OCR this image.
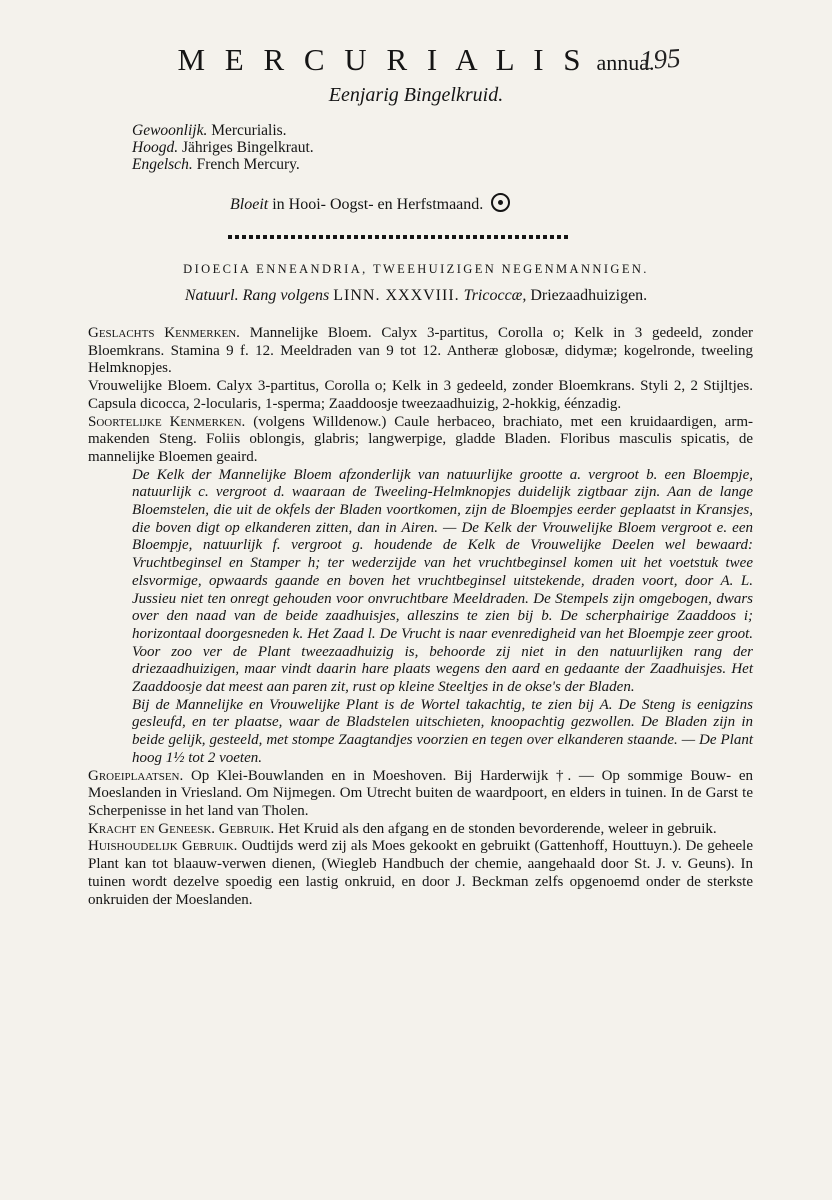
M E R C U R I A L I S annua.
195
Eenjarig Bingelkruid.
Gewoonlijk. Mercurialis.
Hoogd. Jähriges Bingelkraut.
Engelsch. French Mercury.
Bloeit in Hooi- Oogst- en Herfstmaand.
DIOECIA ENNEANDRIA, TWEEHUIZIGEN NEGENMANNIGEN.
Natuurl. Rang volgens LINN. XXXVIII. Tricoccæ, Driezaadhuizigen.

Geslachts Kenmerken. Mannelijke Bloem. Calyx 3-partitus, Corolla o; Kelk in 3 gedeeld, zonder Bloemkrans. Stamina 9 f. 12. Meeldraden van 9 tot 12. Antheræ globosæ, didymæ; kogelronde, tweeling Helmknopjes.

Vrouwelijke Bloem. Calyx 3-partitus, Corolla o; Kelk in 3 gedeeld, zonder Bloemkrans. Styli 2, 2 Stijltjes. Capsula dicocca, 2-locularis, 1-sperma; Zaaddoosje tweezaadhuizig, 2-hokkig, éénzadig.

Soortelijke Kenmerken. (volgens Willdenow.) Caule herbaceo, brachiato, met een kruidaardigen, arm-makenden Steng. Foliis oblongis, glabris; langwerpige, gladde Bladen. Floribus masculis spicatis, de mannelijke Bloemen geaird.

De Kelk der Mannelijke Bloem afzonderlijk van natuurlijke grootte a. vergroot b. een Bloempje, natuurlijk c. vergroot d. waaraan de Tweeling-Helmknopjes duidelijk zigtbaar zijn. Aan de lange Bloemstelen, die uit de okfels der Bladen voortkomen, zijn de Bloempjes eerder geplaatst in Kransjes, die boven digt op elkanderen zitten, dan in Airen. — De Kelk der Vrouwelijke Bloem vergroot e. een Bloempje, natuurlijk f. vergroot g. houdende de Kelk de Vrouwelijke Deelen wel bewaard: Vruchtbeginsel en Stamper h; ter wederzijde van het vruchtbeginsel komen uit het voetstuk twee elsvormige, opwaards gaande en boven het vruchtbeginsel uitstekende, draden voort, door A. L. Jussieu niet ten onregt gehouden voor onvruchtbare Meeldraden. De Stempels zijn omgebogen, dwars over den naad van de beide zaadhuisjes, alleszins te zien bij b. De scherphairige Zaaddoos i; horizontaal doorgesneden k. Het Zaad l. De Vrucht is naar evenredigheid van het Bloempje zeer groot. Voor zoo ver de Plant tweezaadhuizig is, behoorde zij niet in den natuurlijken rang der driezaadhuizigen, maar vindt daarin hare plaats wegens den aard en gedaante der Zaadhuisjes. Het Zaaddoosje dat meest aan paren zit, rust op kleine Steeltjes in de okse's der Bladen.

Bij de Mannelijke en Vrouwelijke Plant is de Wortel takachtig, te zien bij A. De Steng is eenigzins gesleufd, en ter plaatse, waar de Bladstelen uitschieten, knoopachtig gezwollen. De Bladen zijn in beide gelijk, gesteeld, met stompe Zaagtandjes voorzien en tegen over elkanderen staande. — De Plant hoog 1½ tot 2 voeten.

Groeiplaatsen. Op Klei-Bouwlanden en in Moeshoven. Bij Harderwijk †. — Op sommige Bouw- en Moeslanden in Vriesland. Om Nijmegen. Om Utrecht buiten de waardpoort, en elders in tuinen. In de Garst te Scherpenisse in het land van Tholen.

Kracht en Geneesk. Gebruik. Het Kruid als den afgang en de stonden bevorderende, weleer in gebruik.

Huishoudelijk Gebruik. Oudtijds werd zij als Moes gekookt en gebruikt (Gattenhoff, Houttuyn.). De geheele Plant kan tot blaauw-verwen dienen, (Wiegleb Handbuch der chemie, aangehaald door St. J. v. Geuns). In tuinen wordt dezelve spoedig een lastig onkruid, en door J. Beckman zelfs opgenoemd onder de sterkste onkruiden der Moeslanden.
